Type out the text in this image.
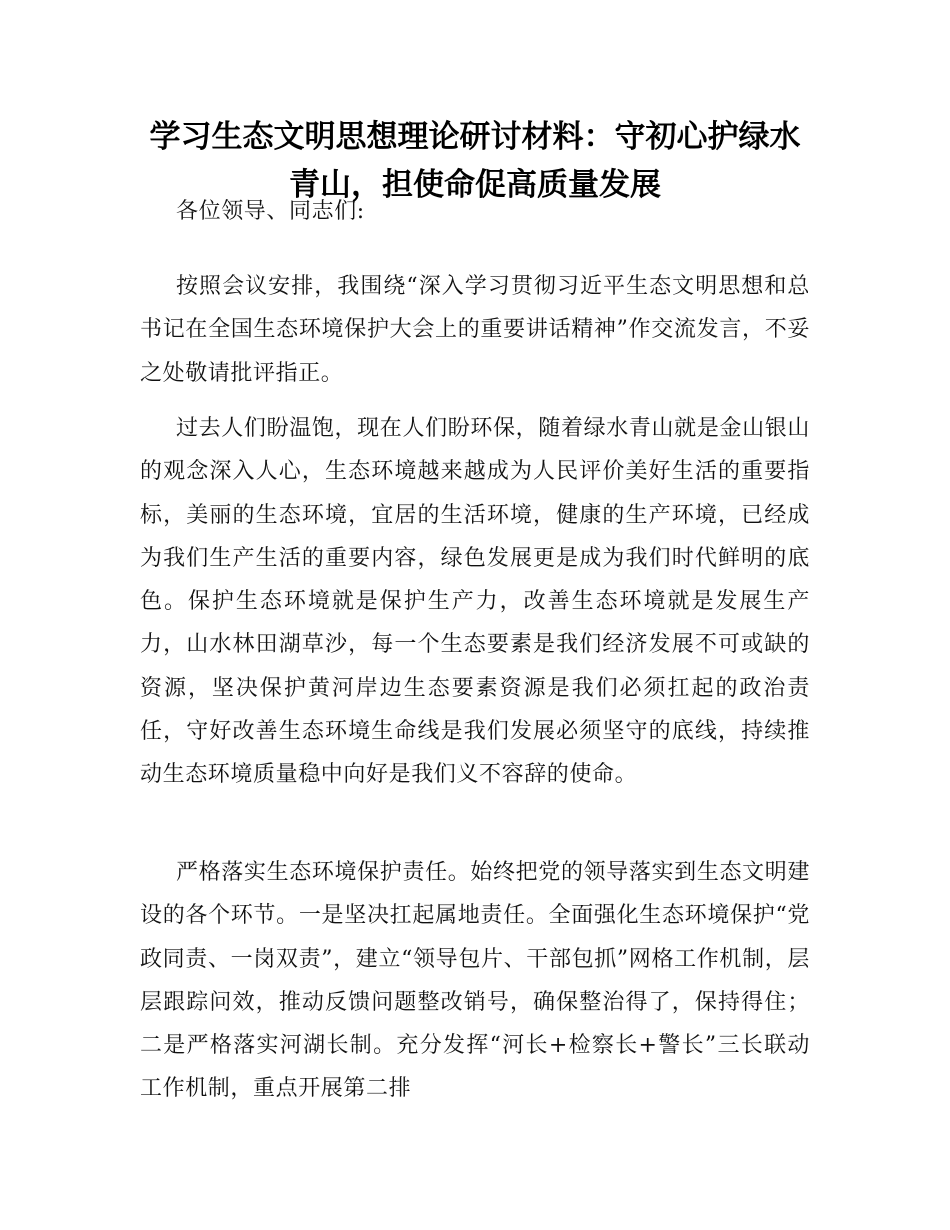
学习生态文明思想理论研讨材料：守初心护绿水青山，担使命促高质量发展

各位领导、同志们:

按照会议安排，我围绕“深入学习贯彻习近平生态文明思想和总书记在全国生态环境保护大会上的重要讲话精神”作交流发言，不妥之处敬请批评指正。

过去人们盼温饱，现在人们盼环保，随着绿水青山就是金山银山的观念深入人心，生态环境越来越成为人民评价美好生活的重要指标，美丽的生态环境，宜居的生活环境，健康的生产环境，已经成为我们生产生活的重要内容，绿色发展更是成为我们时代鲜明的底色。保护生态环境就是保护生产力，改善生态环境就是发展生产力，山水林田湖草沙，每一个生态要素是我们经济发展不可或缺的资源，坚决保护黄河岸边生态要素资源是我们必须扛起的政治责任，守好改善生态环境生命线是我们发展必须坚守的底线，持续推动生态环境质量稳中向好是我们义不容辞的使命。

严格落实生态环境保护责任。始终把党的领导落实到生态文明建设的各个环节。一是坚决扛起属地责任。全面强化生态环境保护“党政同责、一岗双责”，建立“领导包片、干部包抓”网格工作机制，层层跟踪问效，推动反馈问题整改销号，确保整治得了，保持得住；二是严格落实河湖长制。充分发挥“河长+检察长+警长”三长联动工作机制，重点开展第二排
